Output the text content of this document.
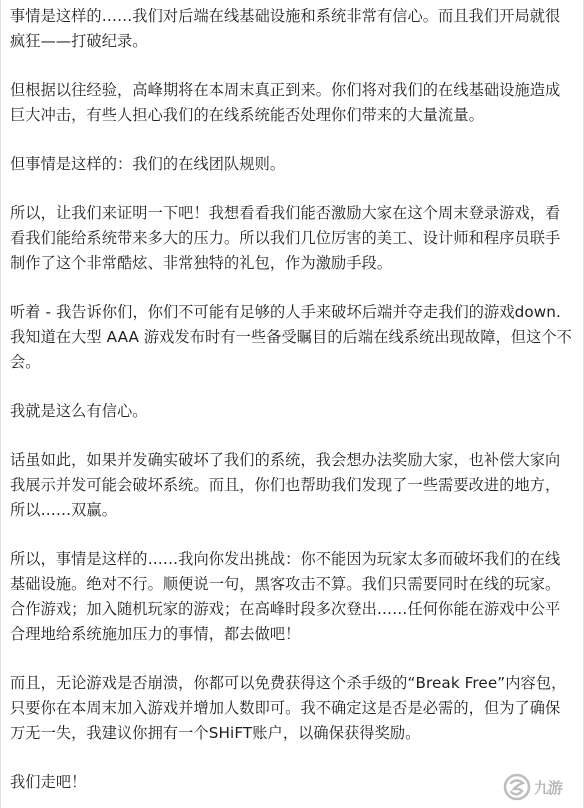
事情是这样的……我们对后端在线基础设施和系统非常有信心。而且我们开局就很疯狂——打破纪录。

但根据以往经验，高峰期将在本周末真正到来。你们将对我们的在线基础设施造成巨大冲击，有些人担心我们的在线系统能否处理你们带来的大量流量。

但事情是这样的：我们的在线团队规则。

所以，让我们来证明一下吧！我想看看我们能否激励大家在这个周末登录游戏，看看我们能给系统带来多大的压力。所以我们几位厉害的美工、设计师和程序员联手制作了这个非常酷炫、非常独特的礼包，作为激励手段。

听着 - 我告诉你们，你们不可能有足够的人手来破坏后端并夺走我们的游戏down.我知道在大型 AAA 游戏发布时有一些备受瞩目的后端在线系统出现故障，但这个不会。

我就是这么有信心。

话虽如此，如果并发确实破坏了我们的系统，我会想办法奖励大家，也补偿大家向我展示并发可能会破坏系统。而且，你们也帮助我们发现了一些需要改进的地方，所以……双赢。

所以，事情是这样的……我向你发出挑战：你不能因为玩家太多而破坏我们的在线基础设施。绝对不行。顺便说一句，黑客攻击不算。我们只需要同时在线的玩家。合作游戏；加入随机玩家的游戏；在高峰时段多次登出……任何你能在游戏中公平合理地给系统施加压力的事情，都去做吧！

而且，无论游戏是否崩溃，你都可以免费获得这个杀手级的“Break Free”内容包，只要你在本周末加入游戏并增加人数即可。我不确定这是否是必需的，但为了确保万无一失，我建议你拥有一个SHiFT账户，以确保获得奖励。

我们走吧！	九游
